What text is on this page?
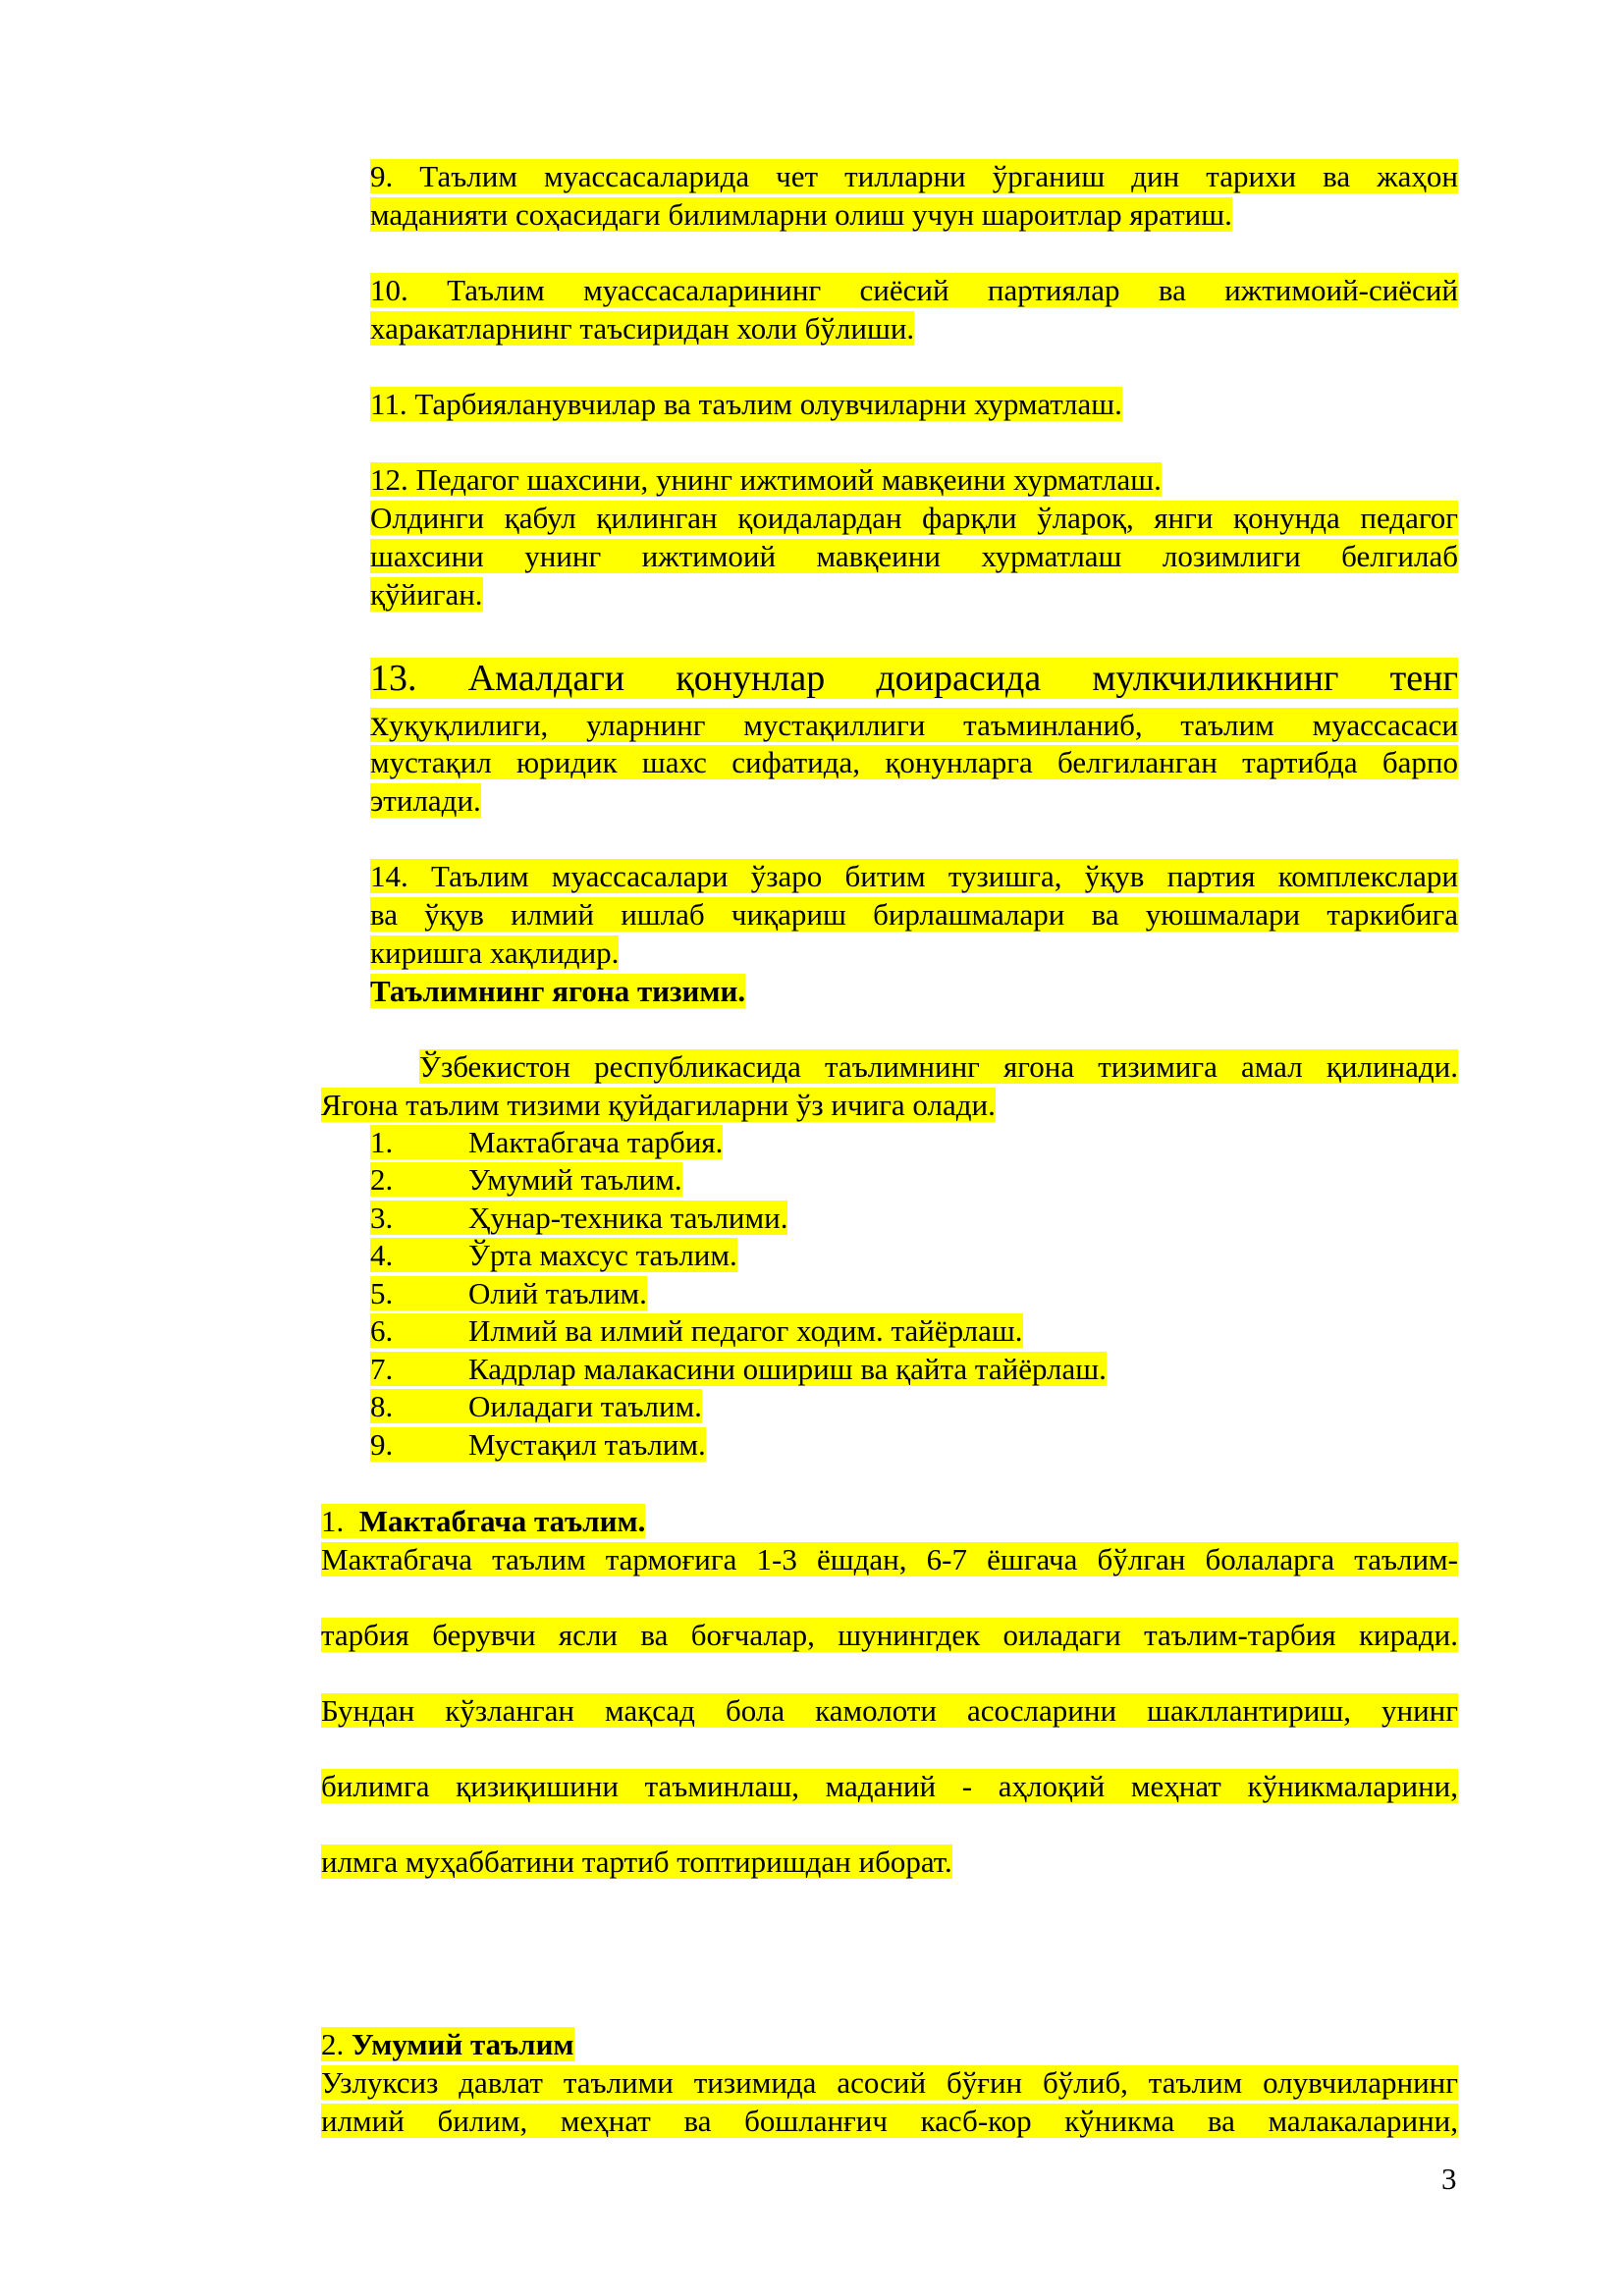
9. Таълим муассасаларида чет тилларни ўрганиш дин тарихи ва жаҳон

маданияти соҳасидаги билимларни олиш учун шароитлар яратиш.

10. Таълим муассасаларининг сиёсий партиялар ва ижтимоий-сиёсий

харакатларнинг таъсиридан холи бўлиши.

11. Тарбияланувчилар ва таълим олувчиларни хурматлаш.

12. Педагог шахсини, унинг ижтимоий мавқеини хурматлаш.

Олдинги қабул қилинган қоидалардан фарқли ўлароқ, янги қонунда педагог

шахсини унинг ижтимоий мавқеини хурматлаш лозимлиги белгилаб

қўйиган.

13. Амалдаги қонунлар доирасида мулкчиликнинг тенг

хуқуқлилиги, уларнинг мустақиллиги таъминланиб, таълим муассасаси

мустақил юридик шахс сифатида, қонунларга белгиланган тартибда барпо

этилади.

14. Таълим муассасалари ўзаро битим тузишга, ўқув партия комплекслари

ва ўқув илмий ишлаб чиқариш бирлашмалари ва уюшмалари таркибига

киришга хақлидир.

Таълимнинг ягона тизими.

Ўзбекистон республикасида таълимнинг ягона тизимига амал қилинади.

Ягона таълим тизими қуйдагиларни ўз ичига олади.

1. Мактабгача тарбия.
2. Умумий таълим.
3. Ҳунар-техника таълими.
4. Ўрта махсус таълим.
5. Олий таълим.
6. Илмий ва илмий педагог ходим. тайёрлаш.
7. Кадрлар малакасини ошириш ва қайта тайёрлаш.
8. Оиладаги таълим.
9. Мустақил таълим.

1. Мактабгача таълим.

Мактабгача таълим тармоғига 1-3 ёшдан, 6-7 ёшгача бўлган болаларга таълим-

тарбия берувчи ясли ва боғчалар, шунингдек оиладаги таълим-тарбия киради.

Бундан кўзланган мақсад бола камолоти асосларини шакллантириш, унинг

билимга қизиқишини таъминлаш, маданий - аҳлоқий меҳнат кўникмаларини,

илмга муҳаббатини тартиб топтиришдан иборат.

2. Умумий таълим

Узлуксиз давлат таълими тизимида асосий бўғин бўлиб, таълим олувчиларнинг

илмий билим, меҳнат ва бошланғич касб-кор кўникма ва малакаларини,

3
